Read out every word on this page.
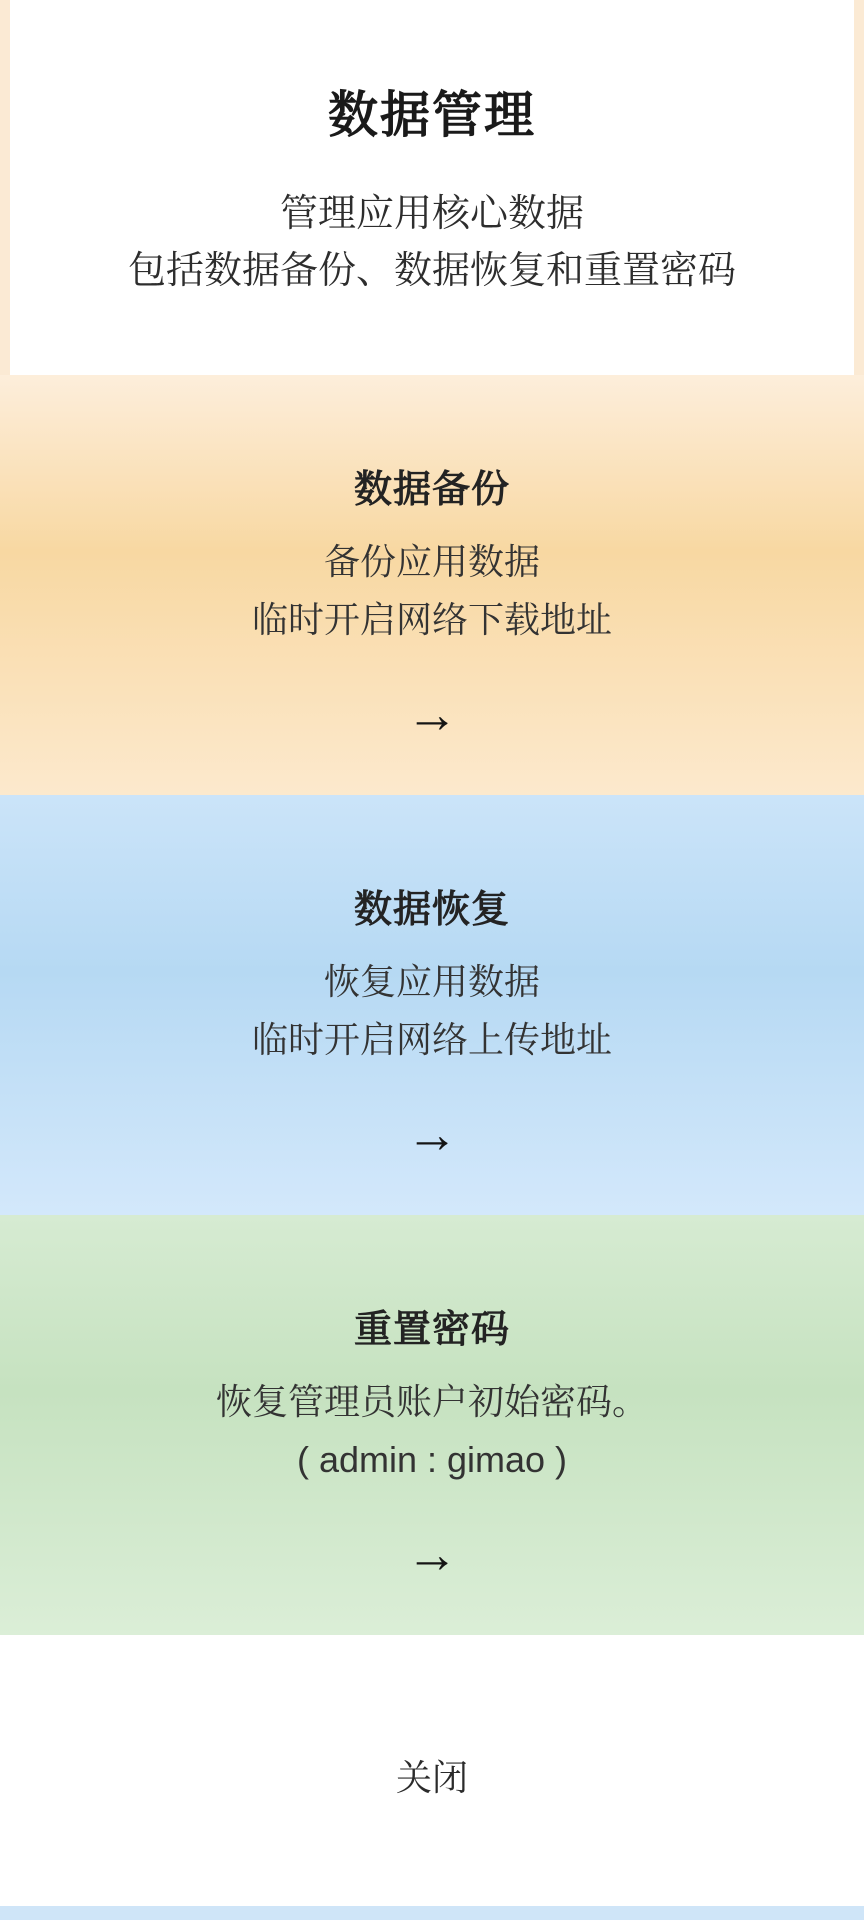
数据管理
管理应用核心数据
包括数据备份、数据恢复和重置密码
数据备份
备份应用数据
临时开启网络下载地址
→
数据恢复
恢复应用数据
临时开启网络上传地址
→
重置密码
恢复管理员账户初始密码。
( admin : gimao )
→
关闭
